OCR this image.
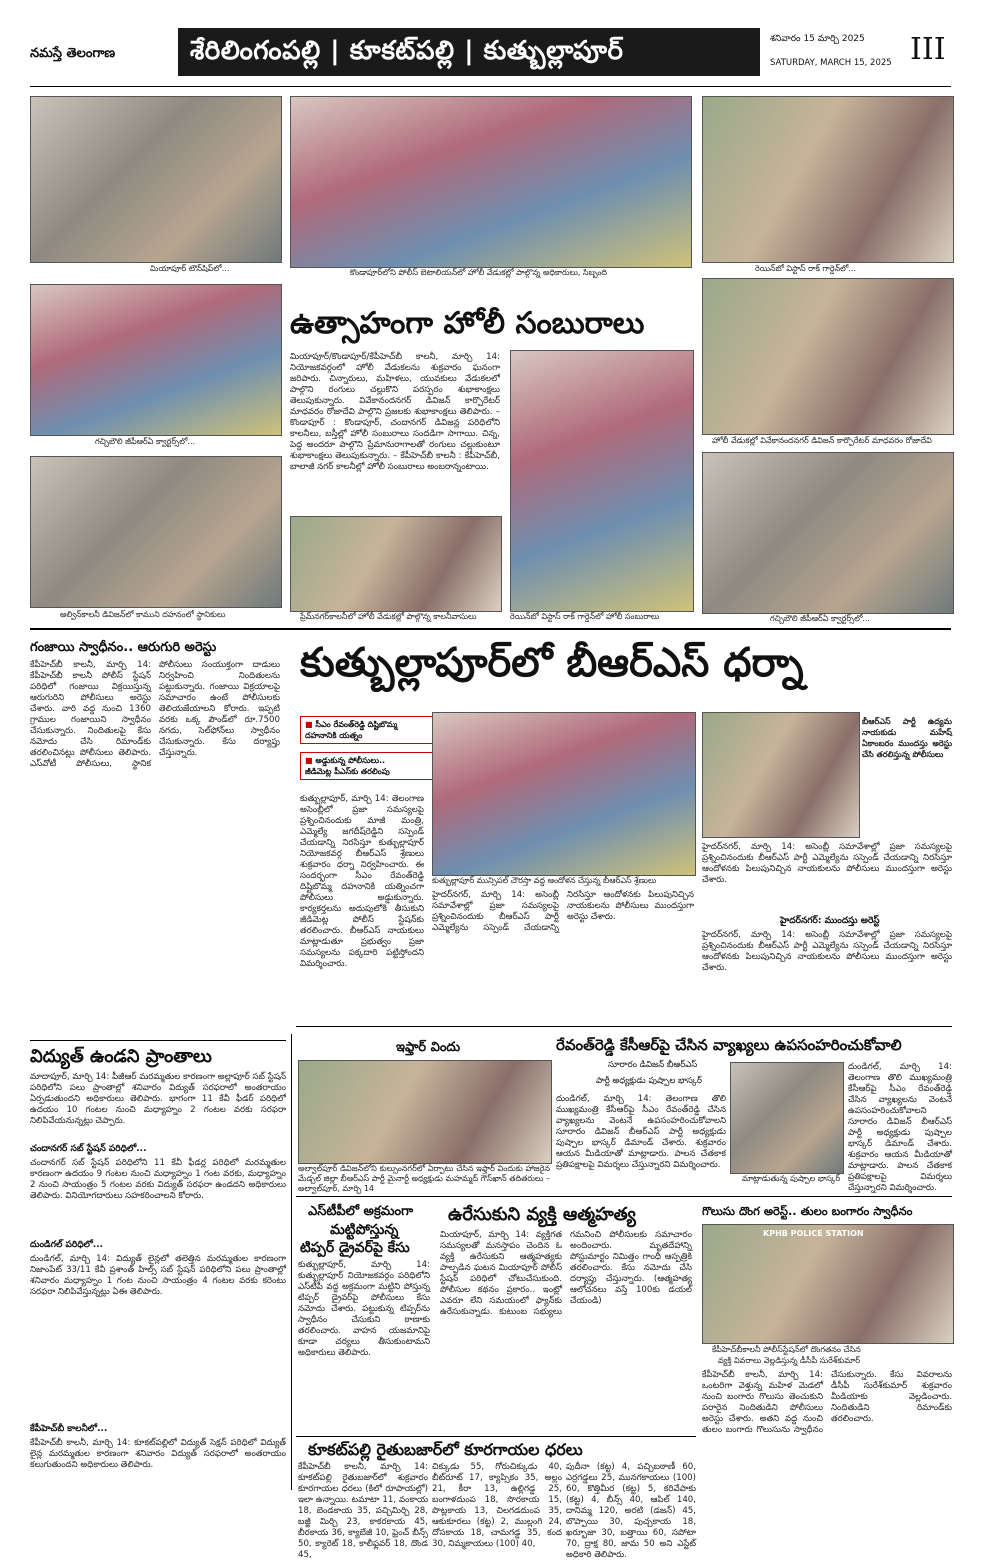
నమస్తే తెలంగాణ	శేరిలింగంపల్లి | కూకట్‌పల్లి | కుత్బుల్లాపూర్	శనివారం 15 మార్చి 2025
SATURDAY, MARCH 15, 2025 III
మియాపూర్ టౌన్‌షిప్‌లో...	కొండాపూర్‌లోని పోలీస్ బెటాలియన్‌లో హోలీ వేడుకల్లో పాల్గొన్న అధికారులు, సిబ్బంది	రెయిన్‌బో విస్టాస్ రాక్ గార్డెన్‌లో...
గచ్చిబౌలి జీపీఆర్‌ఏ క్వార్టర్స్‌లో...	హోలీ వేడుకల్లో వివేకానందనగర్ డివిజన్ కార్పొరేటర్ మాధవరం రోజాదేవి
అల్విన్‌కాలనీ డివిజన్‌లో కాముని దహనంలో స్థానికులు
ఉత్సాహంగా హోలీ సంబురాలు
మియాపూర్/కొండాపూర్/కేపీహెచ్‌బీ కాలనీ, మార్చి 14: నియోజకవర్గంలో హోలీ వేడుకలను శుక్రవారం ఘనంగా జరిపారు. చిన్నారులు, మహిళలు, యువకులు వేడుకలలో పాల్గొని రంగులు చల్లుకొని పరస్పరం శుభాకాంక్షలు తెలుపుకున్నారు. వివేకానందనగర్ డివిజన్ కార్పొరేటర్ మాధవరం రోజాదేవి పాల్గొని ప్రజలకు శుభాకాంక్షలు తెలిపారు. – కొండాపూర్ : కొండాపూర్, చందానగర్ డివిజన్ల పరిధిలోని కాలనీలు, బస్తీల్లో హోలీ సంబురాలు సందడిగా సాగాయి. చిన్న, పెద్ద అందరూ పాల్గొని ప్రేమానురాగాలతో రంగులు చల్లుకుంటూ శుభాకాంక్షలు తెలుపుకున్నారు. – కేపీహెచ్‌బీ కాలనీ : కేపీహెచ్‌బీ, బాలాజీ నగర్ కాలనీల్లో హోలీ సంబురాలు అంబరాన్నంటాయి.
ప్రేమ్‌నగర్‌కాలనీలో హోలీ వేడుకల్లో పాల్గొన్న కాలనీవాసులు	రెయిన్‌బో విస్టాస్ రాక్ గార్డెన్‌లో హోలీ సంబురాలు	గచ్చిబౌలి జీపీఆర్‌ఏ క్వార్టర్స్‌లో...
గంజాయి స్వాధీనం.. ఆరుగురి అరెస్టు
కేపీహెచ్‌బీ కాలనీ, మార్చి 14: కేపీహెచ్‌బీ కాలనీ పోలీస్ స్టేషన్ పరిధిలో గంజాయి విక్రయిస్తున్న ఆరుగురిని పోలీసులు అరెస్టు చేశారు. వారి వద్ద నుంచి 1360 గ్రాముల గంజాయిని స్వాధీనం చేసుకున్నారు. నిందితులపై కేసు నమోదు చేసి రిమాండ్‌కు తరలించినట్లు పోలీసులు తెలిపారు. ఎస్‌వోటీ పోలీసులు, స్థానిక పోలీసులు సంయుక్తంగా దాడులు నిర్వహించి నిందితులను పట్టుకున్నారు. గంజాయి విక్రయాలపై సమాచారం ఉంటే పోలీసులకు తెలియజేయాలని కోరారు. ఇప్పటి వరకు ఒక్క పౌండ్‌లో రూ.7500 నగదు, సెల్‌ఫోన్‌లు స్వాధీనం చేసుకున్నారు. కేసు దర్యాప్తు చేస్తున్నారు.
కుత్బుల్లాపూర్‌లో బీఆర్‌ఎస్ ధర్నా
■ సీఎం రేవంత్‌రెడ్డి దిష్టిబొమ్మ
దహనానికి యత్నం
■ అడ్డుకున్న పోలీసులు..
జీడిమెట్ల పీఎస్‌కు తరలింపు
కుత్బుల్లాపూర్, మార్చి 14: తెలంగాణ అసెంబ్లీలో ప్రజా సమస్యలపై ప్రశ్నించినందుకు మాజీ మంత్రి, ఎమ్మెల్యే జగదీష్‌రెడ్డిని సస్పెండ్ చేయడాన్ని నిరసిస్తూ కుత్బుల్లాపూర్ నియోజకవర్గ బీఆర్‌ఎస్ శ్రేణులు శుక్రవారం ధర్నా నిర్వహించారు. ఈ సందర్భంగా సీఎం రేవంత్‌రెడ్డి దిష్టిబొమ్మ దహనానికి యత్నించగా పోలీసులు అడ్డుకున్నారు. కార్యకర్తలను అదుపులోకి తీసుకుని జీడిమెట్ల పోలీస్ స్టేషన్‌కు తరలించారు. బీఆర్‌ఎస్ నాయకులు మాట్లాడుతూ ప్రభుత్వం ప్రజా సమస్యలను పక్కదారి పట్టిస్తోందని విమర్శించారు.
కుత్బుల్లాపూర్ మున్సిపల్ చౌరస్తా వద్ద ఆందోళన చేస్తున్న బీఆర్‌ఎస్ శ్రేణులు
హైదర్‌నగర్, మార్చి 14: అసెంబ్లీ సమావేశాల్లో ప్రజా సమస్యలపై ప్రశ్నించినందుకు బీఆర్‌ఎస్ పార్టీ ఎమ్మెల్యేను సస్పెండ్ చేయడాన్ని నిరసిస్తూ ఆందోళనకు పిలుపునిచ్చిన నాయకులను పోలీసులు ముందస్తుగా అరెస్టు చేశారు.
బీఆర్‌ఎస్ పార్టీ ఉద్యమ నాయకుడు మహేష్ ఏకాంబరం ముందస్తు అరెస్టు చేసి తరలిస్తున్న పోలీసులు
హైదర్‌నగర్, మార్చి 14: అసెంబ్లీ సమావేశాల్లో ప్రజా సమస్యలపై ప్రశ్నించినందుకు బీఆర్‌ఎస్ పార్టీ ఎమ్మెల్యేను సస్పెండ్ చేయడాన్ని నిరసిస్తూ ఆందోళనకు పిలుపునిచ్చిన నాయకులను పోలీసులు ముందస్తుగా అరెస్టు చేశారు.
హైదర్‌నగర్: ముందస్తు అరెస్ట్
హైదర్‌నగర్, మార్చి 14: అసెంబ్లీ సమావేశాల్లో ప్రజా సమస్యలపై ప్రశ్నించినందుకు బీఆర్‌ఎస్ పార్టీ ఎమ్మెల్యేను సస్పెండ్ చేయడాన్ని నిరసిస్తూ ఆందోళనకు పిలుపునిచ్చిన నాయకులను పోలీసులు ముందస్తుగా అరెస్టు చేశారు.
విద్యుత్ ఉండని ప్రాంతాలు
మాదాపూర్, మార్చి 14: పీజీఆర్ మరమ్మతుల కారణంగా అల్లాపూర్ సబ్ స్టేషన్ పరిధిలోని పలు ప్రాంతాల్లో శనివారం విద్యుత్ సరఫరాలో అంతరాయం ఏర్పడుతుందని అధికారులు తెలిపారు. భాగంగా 11 కేవీ ఫీడర్ పరిధిలో ఉదయం 10 గంటల నుంచి మధ్యాహ్నం 2 గంటల వరకు సరఫరా నిలిపివేయనున్నట్లు చెప్పారు.
చందానగర్ సబ్ స్టేషన్ పరిధిలో...
చందానగర్ సబ్ స్టేషన్ పరిధిలోని 11 కేవీ ఫీడర్ల పరిధిలో మరమ్మతుల కారణంగా ఉదయం 9 గంటల నుంచి మధ్యాహ్నం 1 గంట వరకు, మధ్యాహ్నం 2 నుంచి సాయంత్రం 5 గంటల వరకు విద్యుత్ సరఫరా ఉండదని అధికారులు తెలిపారు. వినియోగదారులు సహకరించాలని కోరారు.
దుండిగల్ పరిధిలో...
దుండిగల్, మార్చి 14: విద్యుత్ లైన్లలో తలెత్తిన మరమ్మతుల కారణంగా నిజాంపేట్ 33/11 కేవీ ప్రశాంత్ హిల్స్ సబ్ స్టేషన్ పరిధిలోని పలు ప్రాంతాల్లో శనివారం మధ్యాహ్నం 1 గంట నుంచి సాయంత్రం 4 గంటల వరకు కరెంటు సరఫరా నిలిపివేస్తున్నట్లు ఏఈ తెలిపారు.
కేపీహెచ్‌బీ కాలనీలో...
కేపీహెచ్‌బీ కాలనీ, మార్చి 14: కూకట్‌పల్లిలో విద్యుత్ సెక్షన్ పరిధిలో విద్యుత్ లైన్ల మరమ్మతుల కారణంగా శనివారం విద్యుత్ సరఫరాలో అంతరాయం కలుగుతుందని అధికారులు తెలిపారు.
ఇఫ్తార్ విందు
అల్వాల్‌పూర్ డివిజన్‌లోని కుల్సుంనగర్‌లో ఏర్పాటు చేసిన ఇఫ్తార్ విందుకు హాజరైన మేడ్చల్ జిల్లా బీఆర్‌ఎస్ పార్టీ మైనార్టీ అధ్యక్షుడు మహమ్మద్ గౌస్‌ఖాన్ తదితరులు – అల్వాల్‌పూర్, మార్చి 14
రేవంత్‌రెడ్డి కేసీఆర్‌పై చేసిన వ్యాఖ్యలు ఉపసంహరించుకోవాలి
సూరారం డివిజన్ బీఆర్‌ఎస్
పార్టీ అధ్యక్షుడు పుష్పాల భాస్కర్
దుండిగల్, మార్చి 14: తెలంగాణ తొలి ముఖ్యమంత్రి కేసీఆర్‌పై సీఎం రేవంత్‌రెడ్డి చేసిన వ్యాఖ్యలను వెంటనే ఉపసంహరించుకోవాలని సూరారం డివిజన్ బీఆర్‌ఎస్ పార్టీ అధ్యక్షుడు పుష్పాల భాస్కర్ డిమాండ్ చేశారు. శుక్రవారం ఆయన మీడియాతో మాట్లాడారు. పాలన చేతకాక ప్రతిపక్షాలపై విమర్శలు చేస్తున్నారని విమర్శించారు.
మాట్లాడుతున్న పుష్పాల భాస్కర్
దుండిగల్, మార్చి 14: తెలంగాణ తొలి ముఖ్యమంత్రి కేసీఆర్‌పై సీఎం రేవంత్‌రెడ్డి చేసిన వ్యాఖ్యలను వెంటనే ఉపసంహరించుకోవాలని సూరారం డివిజన్ బీఆర్‌ఎస్ పార్టీ అధ్యక్షుడు పుష్పాల భాస్కర్ డిమాండ్ చేశారు. శుక్రవారం ఆయన మీడియాతో మాట్లాడారు. పాలన చేతకాక ప్రతిపక్షాలపై విమర్శలు చేస్తున్నారని విమర్శించారు.
ఎస్‌టీపీలో అక్రమంగా
మట్టిపోస్తున్న
టిప్పర్ డ్రైవర్‌పై కేసు
కుత్బుల్లాపూర్, మార్చి 14: కుత్బుల్లాపూర్ నియోజకవర్గం పరిధిలోని ఎస్‌టీపీ వద్ద అక్రమంగా మట్టిని పోస్తున్న టిప్పర్ డ్రైవర్‌పై పోలీసులు కేసు నమోదు చేశారు. పట్టుకున్న టిప్పర్‌ను స్వాధీనం చేసుకుని ఠాణాకు తరలించారు. వాహన యజమానిపై కూడా చర్యలు తీసుకుంటామని అధికారులు తెలిపారు.
ఉరేసుకుని వ్యక్తి ఆత్మహత్య
మియాపూర్, మార్చి 14: వ్యక్తిగత సమస్యలతో మనస్తాపం చెందిన ఓ వ్యక్తి ఉరేసుకుని ఆత్మహత్యకు పాల్పడిన ఘటన మియాపూర్ పోలీస్ స్టేషన్ పరిధిలో చోటుచేసుకుంది. పోలీసుల కథనం ప్రకారం.. ఇంట్లో ఎవరూ లేని సమయంలో ఫ్యాన్‌కు ఉరేసుకున్నాడు. కుటుంబ సభ్యులు గమనించి పోలీసులకు సమాచారం అందించారు. మృతదేహాన్ని పోస్టుమార్టం నిమిత్తం గాంధీ ఆస్పత్రికి తరలించారు. కేసు నమోదు చేసి దర్యాప్తు చేస్తున్నారు. (ఆత్మహత్య ఆలోచనలు వస్తే 100కు డయల్ చేయండి)
గొలుసు దొంగ అరెస్ట్.. తులం బంగారం స్వాధీనం
KPHB POLICE STATION
కేపీహెచ్‌బీకాలనీ పోలీస్‌స్టేషన్‌లో దొంగతనం చేసిన
వ్యక్తి వివరాలు వెల్లడిస్తున్న డీసీపీ సురేశ్‌కుమార్
కేపీహెచ్‌బీ కాలనీ, మార్చి 14: ఒంటరిగా వెళ్తున్న మహిళ మెడలో నుంచి బంగారు గొలుసు తెంచుకుని పరారైన నిందితుడిని పోలీసులు అరెస్టు చేశారు. అతని వద్ద నుంచి తులం బంగారు గొలుసును స్వాధీనం చేసుకున్నారు. కేసు వివరాలను డీసీపీ సురేశ్‌కుమార్ శుక్రవారం మీడియాకు వెల్లడించారు. నిందితుడిని రిమాండ్‌కు తరలించారు.
కూకట్‌పల్లి రైతుబజార్‌లో కూరగాయల ధరలు
కేపీహెచ్‌బీ కాలనీ, మార్చి 14: కూకట్‌పల్లి రైతుబజార్‌లో శుక్రవారం కూరగాయల ధరలు (కిలో రూపాయల్లో) ఇలా ఉన్నాయి. టమాటా 11, వంకాయ 18, బెండకాయ 35, పచ్చిమిర్చి 28, బజ్జీ మిర్చి 23, కాకరకాయ 45, బీరకాయ 36, క్యాబేజీ 10, ఫ్రెంచ్ బీన్స్ 50, క్యారెట్ 18, కాలీఫ్లవర్ 18, దొండ 45,
చిక్కుడు 55, గోరుచిక్కుడు 40, బీట్‌రూట్ 17, క్యాప్సికం 35, అల్లం 21, కీరా 13, ఉల్లిగడ్డ 25, బంగాళదుంప 18, సొరకాయ 15, పొట్లకాయ 13, చిలగడదుంప 35, ఆకుకూరలు (కట్ట) 2, ముల్లంగి 24, దోసకాయ 18, చామగడ్డ 35, కంద 30, నిమ్మకాయలు (100) 40,
పుదీనా (కట్ట) 4, పచ్చిబఠాణీ 60, ఎర్రగడ్డలు 25, మునగకాయలు (100) 60, కొత్తిమీర (కట్ట) 5, కరివేపాకు (కట్ట) 4, బీన్స్ 40, ఆపిల్ 140, దానిమ్మ 120, అరటి (డజన్) 45, బొప్పాయి 30, పుచ్చకాయ 18, ఖర్బూజా 30, బత్తాయి 60, సపోటా 70, ద్రాక్ష 80, జామ 50 అని ఎస్టేట్ అధికారి తెలిపారు.
